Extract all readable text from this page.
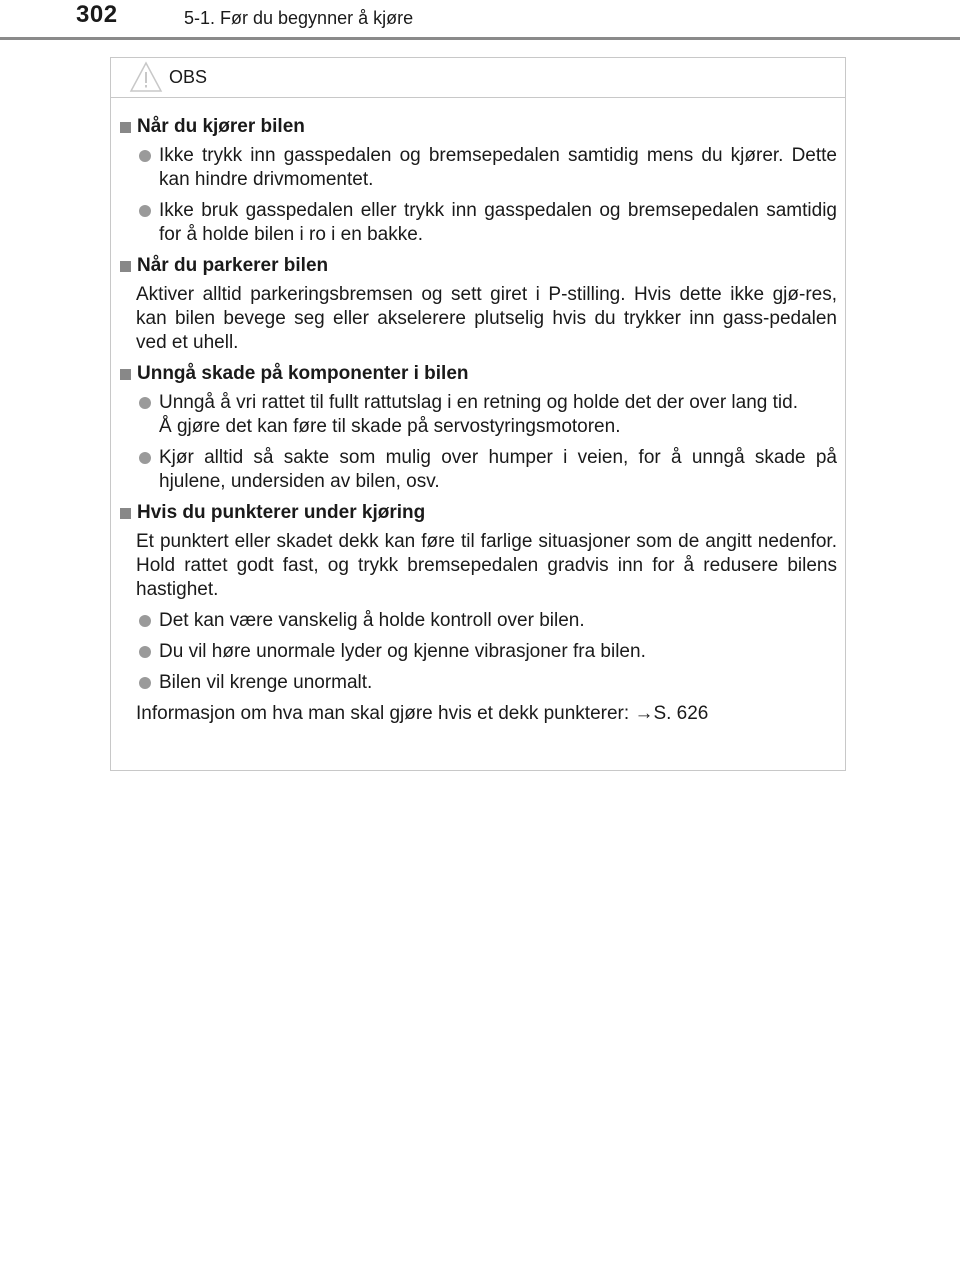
302	5-1. Før du begynner å kjøre
OBS
Når du kjører bilen
Ikke trykk inn gasspedalen og bremsepedalen samtidig mens du kjører. Dette kan hindre drivmomentet.
Ikke bruk gasspedalen eller trykk inn gasspedalen og bremsepedalen samtidig for å holde bilen i ro i en bakke.
Når du parkerer bilen
Aktiver alltid parkeringsbremsen og sett giret i P-stilling. Hvis dette ikke gjø-res, kan bilen bevege seg eller akselerere plutselig hvis du trykker inn gass-pedalen ved et uhell.
Unngå skade på komponenter i bilen
Unngå å vri rattet til fullt rattutslag i en retning og holde det der over lang tid.
Å gjøre det kan føre til skade på servostyringsmotoren.
Kjør alltid så sakte som mulig over humper i veien, for å unngå skade på hjulene, undersiden av bilen, osv.
Hvis du punkterer under kjøring
Et punktert eller skadet dekk kan føre til farlige situasjoner som de angitt nedenfor. Hold rattet godt fast, og trykk bremsepedalen gradvis inn for å redusere bilens hastighet.
Det kan være vanskelig å holde kontroll over bilen.
Du vil høre unormale lyder og kjenne vibrasjoner fra bilen.
Bilen vil krenge unormalt.
Informasjon om hva man skal gjøre hvis et dekk punkterer: →S. 626
